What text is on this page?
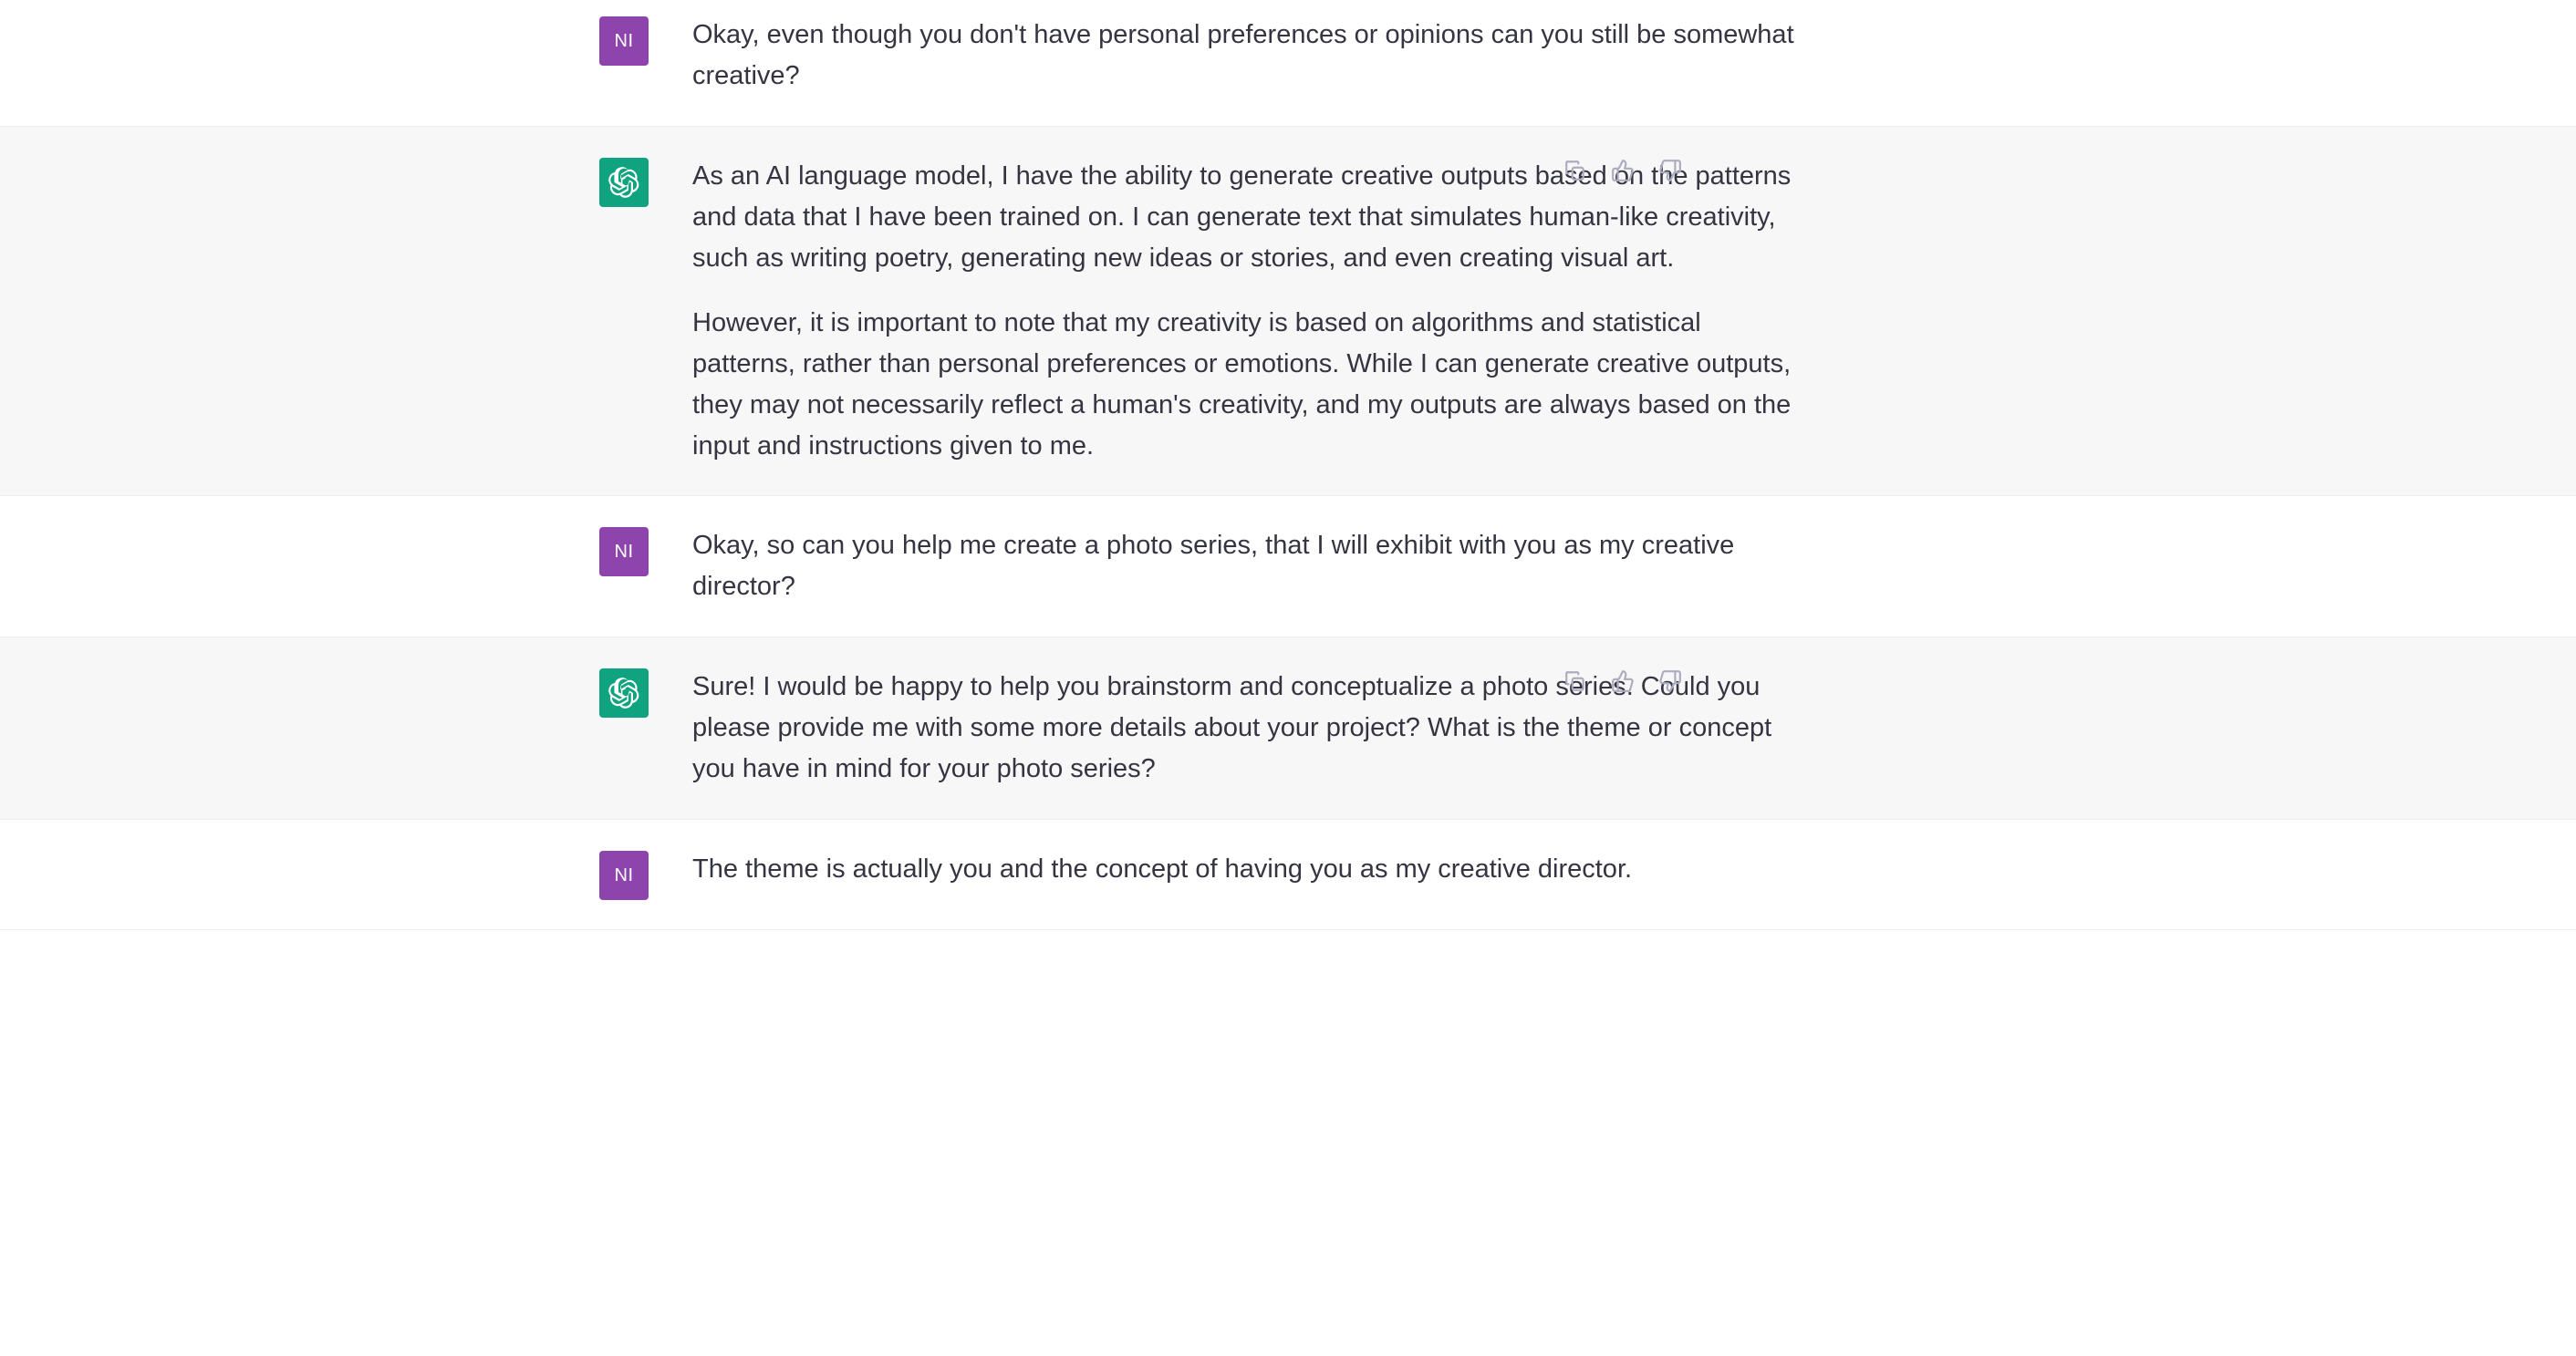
NI Okay, even though you don't have personal preferences or opinions can you still be somewhat creative?

As an AI language model, I have the ability to generate creative outputs based on the patterns and data that I have been trained on. I can generate text that simulates human-like creativity, such as writing poetry, generating new ideas or stories, and even creating visual art.

However, it is important to note that my creativity is based on algorithms and statistical patterns, rather than personal preferences or emotions. While I can generate creative outputs, they may not necessarily reflect a human's creativity, and my outputs are always based on the input and instructions given to me.

NI Okay, so can you help me create a photo series, that I will exhibit with you as my creative director?

Sure! I would be happy to help you brainstorm and conceptualize a photo series. Could you please provide me with some more details about your project? What is the theme or concept you have in mind for your photo series?

NI The theme is actually you and the concept of having you as my creative director.
